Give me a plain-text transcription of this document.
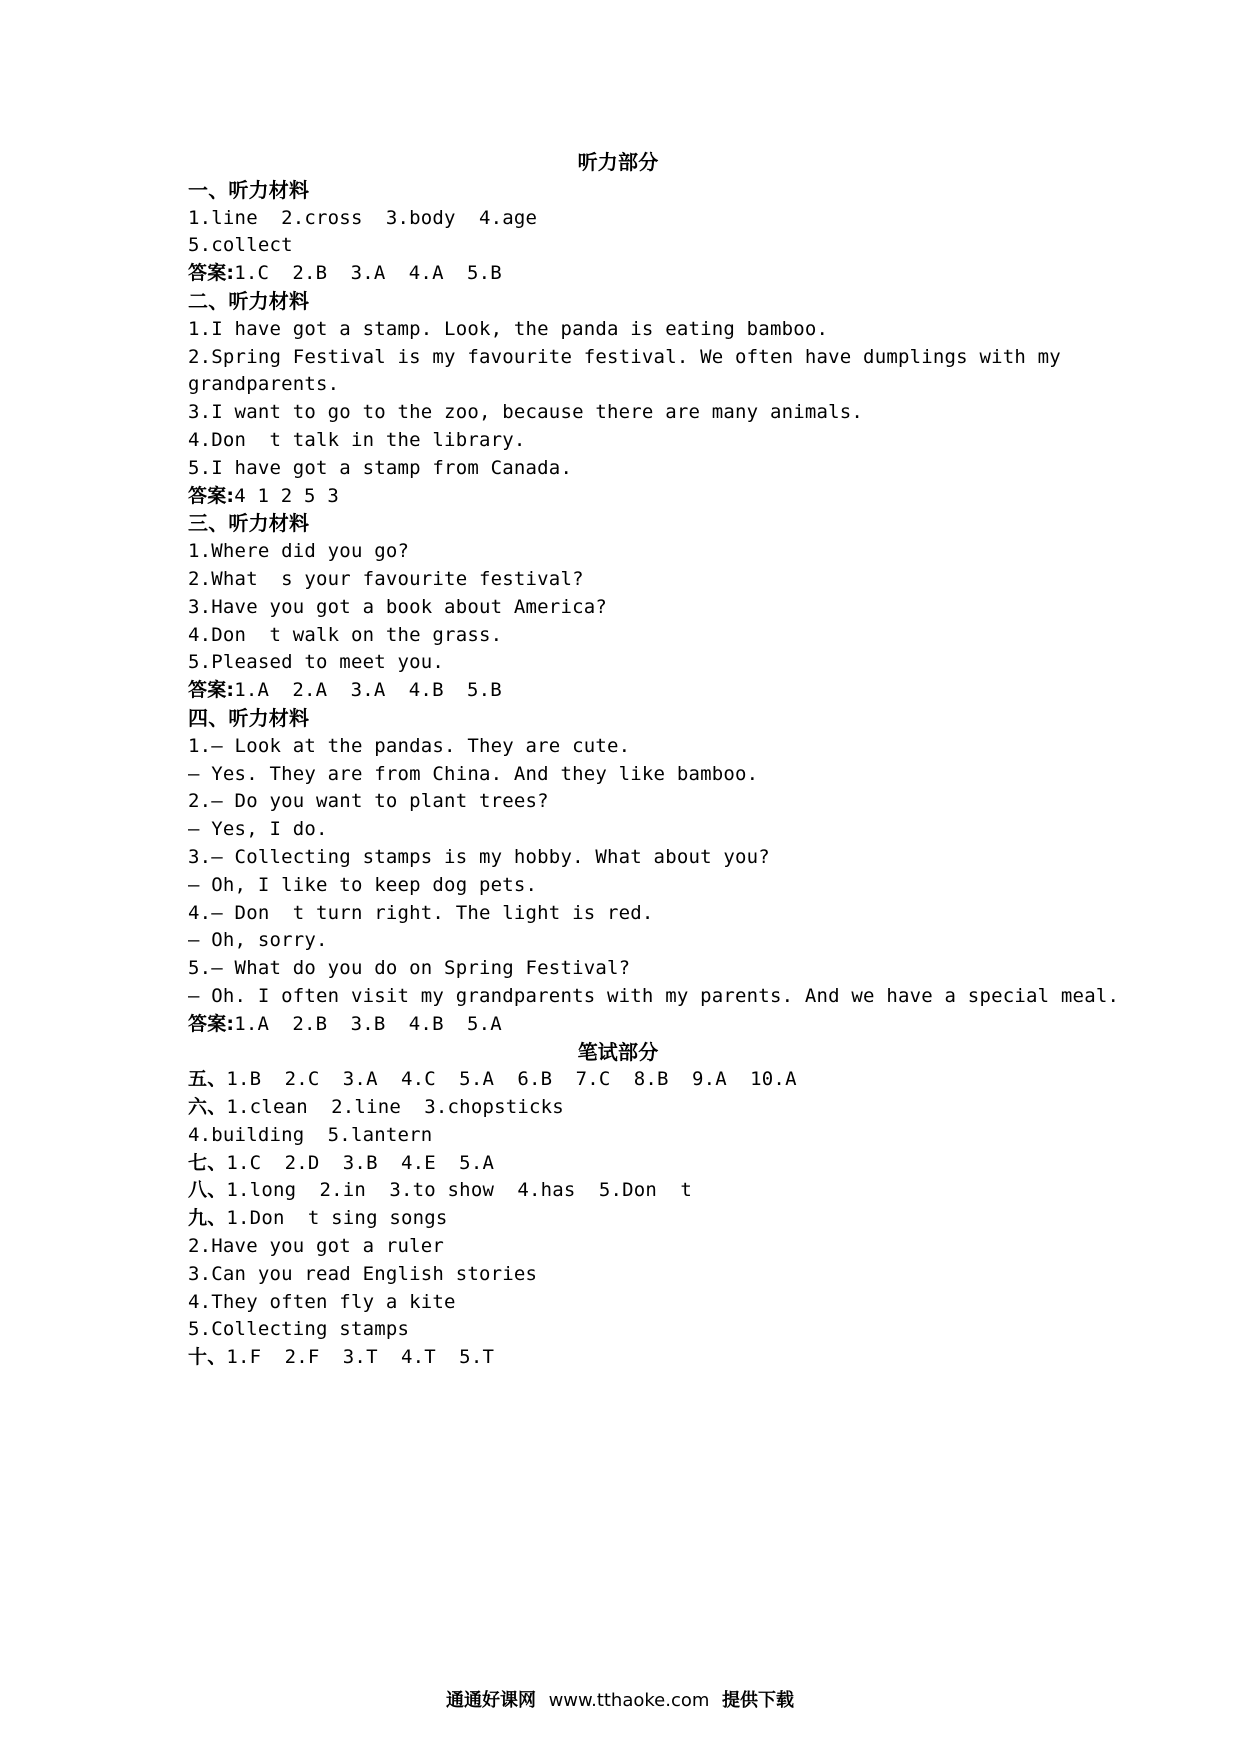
听力部分
一、听力材料
1.line  2.cross  3.body  4.age
5.collect
答案:1.C  2.B  3.A  4.A  5.B
二、听力材料
1.I have got a stamp. Look, the panda is eating bamboo.
2.Spring Festival is my favourite festival. We often have dumplings with my
grandparents.
3.I want to go to the zoo, because there are many animals.
4.Don  t talk in the library.
5.I have got a stamp from Canada.
答案:4 1 2 5 3
三、听力材料
1.Where did you go?
2.What  s your favourite festival?
3.Have you got a book about America?
4.Don  t walk on the grass.
5.Pleased to meet you.
答案:1.A  2.A  3.A  4.B  5.B
四、听力材料
1.— Look at the pandas. They are cute.
— Yes. They are from China. And they like bamboo.
2.— Do you want to plant trees?
— Yes, I do.
3.— Collecting stamps is my hobby. What about you?
— Oh, I like to keep dog pets.
4.— Don  t turn right. The light is red.
— Oh, sorry.
5.— What do you do on Spring Festival?
— Oh. I often visit my grandparents with my parents. And we have a special meal.
答案:1.A  2.B  3.B  4.B  5.A
笔试部分
五、1.B  2.C  3.A  4.C  5.A  6.B  7.C  8.B  9.A  10.A
六、1.clean  2.line  3.chopsticks
4.building  5.lantern
七、1.C  2.D  3.B  4.E  5.A
八、1.long  2.in  3.to show  4.has  5.Don  t
九、1.Don  t sing songs
2.Have you got a ruler
3.Can you read English stories
4.They often fly a kite
5.Collecting stamps
十、1.F  2.F  3.T  4.T  5.T
通通好课网 www.tthaoke.com 提供下载
